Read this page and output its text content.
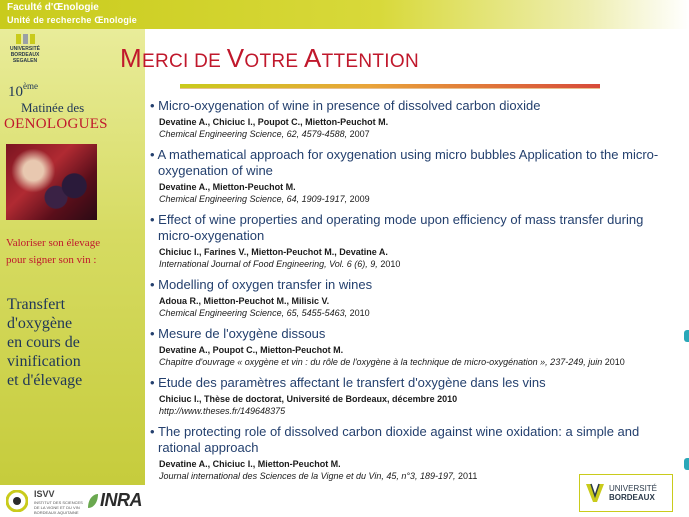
Faculté d'Œnologie
Unité de recherche Œnologie
UNIVERSITÉ
BORDEAUX
SEGALEN
10ème
Matinée des
OENOLOGUES
Valoriser son élevage
pour signer son vin :
Transfert
d'oxygène
en cours de
vinification
et d'élevage
ISVV
INSTITUT DES SCIENCES DE LA VIGNE ET DU VIN BORDEAUX AQUITAINE
INRA
MERCI DE VOTRE ATTENTION
• Micro-oxygenation of wine in presence of dissolved carbon dioxide
Devatine A., Chiciuc I., Poupot C., Mietton-Peuchot M.
Chemical Engineering Science, 62, 4579-4588, 2007
• A mathematical approach for oxygenation using micro bubbles Application to the micro-oxygenation of wine
Devatine A., Mietton-Peuchot M.
Chemical Engineering Science, 64, 1909-1917, 2009
• Effect of wine properties and operating mode upon efficiency of mass transfer during micro-oxygenation
Chiciuc I., Farines V., Mietton-Peuchot M., Devatine A.
International Journal of Food Engineering, Vol. 6 (6), 9, 2010
• Modelling of oxygen transfer in wines
Adoua R., Mietton-Peuchot M., Milisic V.
Chemical Engineering Science, 65, 5455-5463, 2010
• Mesure de l'oxygène dissous
Devatine A., Poupot C., Mietton-Peuchot M.
Chapitre d'ouvrage « oxygène et vin : du rôle de l'oxygène à la technique de micro-oxygénation », 237-249, juin 2010
• Etude des paramètres affectant le transfert d'oxygène dans les vins
Chiciuc I., Thèse de doctorat, Université de Bordeaux, décembre 2010
http://www.theses.fr/149648375
• The protecting role of dissolved carbon dioxide against wine oxidation: a simple and rational approach
Devatine A., Chiciuc I., Mietton-Peuchot M.
Journal international des Sciences de la Vigne et du Vin, 45, n°3, 189-197, 2011
UNIVERSITÉ
BORDEAUX
